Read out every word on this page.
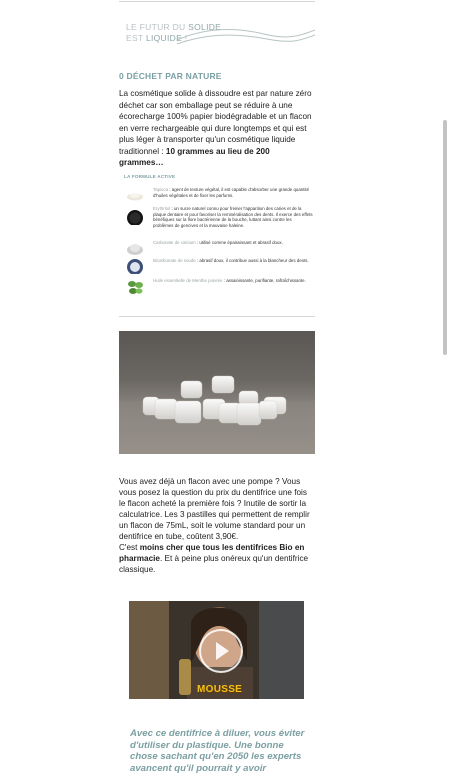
LE FUTUR DU SOLIDE
EST LIQUIDE !
0 DÉCHET PAR NATURE
La cosmétique solide à dissoudre est par nature zéro déchet car son emballage peut se réduire à une écorecharge 100% papier biodégradable et un flacon en verre rechargeable qui dure longtemps et qui est plus léger à transporter qu'un cosmétique liquide traditionnel : 10 grammes au lieu de 200 grammes…
LA FORMULE ACTIVE
Tapioca : agent de texture végétal, il est capable d'absorber une grande quantité d'huiles végétales et de fixer les parfums.
Erythritol : un sucre naturel connu pour freiner l'apparition des caries et de la plaque dentaire et pour favoriser la reminéralisation des dents. Il exerce des effets bénéfiques sur la flore bactérienne de la bouche, luttant ainsi contre les problèmes de gencives et la mauvaise haleine.
Carbonate de calcium : utilisé comme épaississant et abrasif doux.
Bicarbonate de soude : abrasif doux, il contribue aussi à la blancheur des dents.
Huile essentielle de Menthe poivrée : assainissante, purifiante, rafraîchissante.
Vous avez déjà un flacon avec une pompe ? Vous vous posez la question du prix du dentifrice une fois le flacon acheté la première fois ? Inutile de sortir la calculatrice. Les 3 pastilles qui permettent de remplir un flacon de 75mL, soit le volume standard pour un dentifrice en tube, coûtent 3,90€.
C'est moins cher que tous les dentifrices Bio en pharmacie. Et à peine plus onéreux qu'un dentifrice classique.
MOUSSE
Avec ce dentifrice à diluer, vous éviter d'utiliser du plastique. Une bonne chose sachant qu'en 2050 les experts avancent qu'il pourrait y avoir
